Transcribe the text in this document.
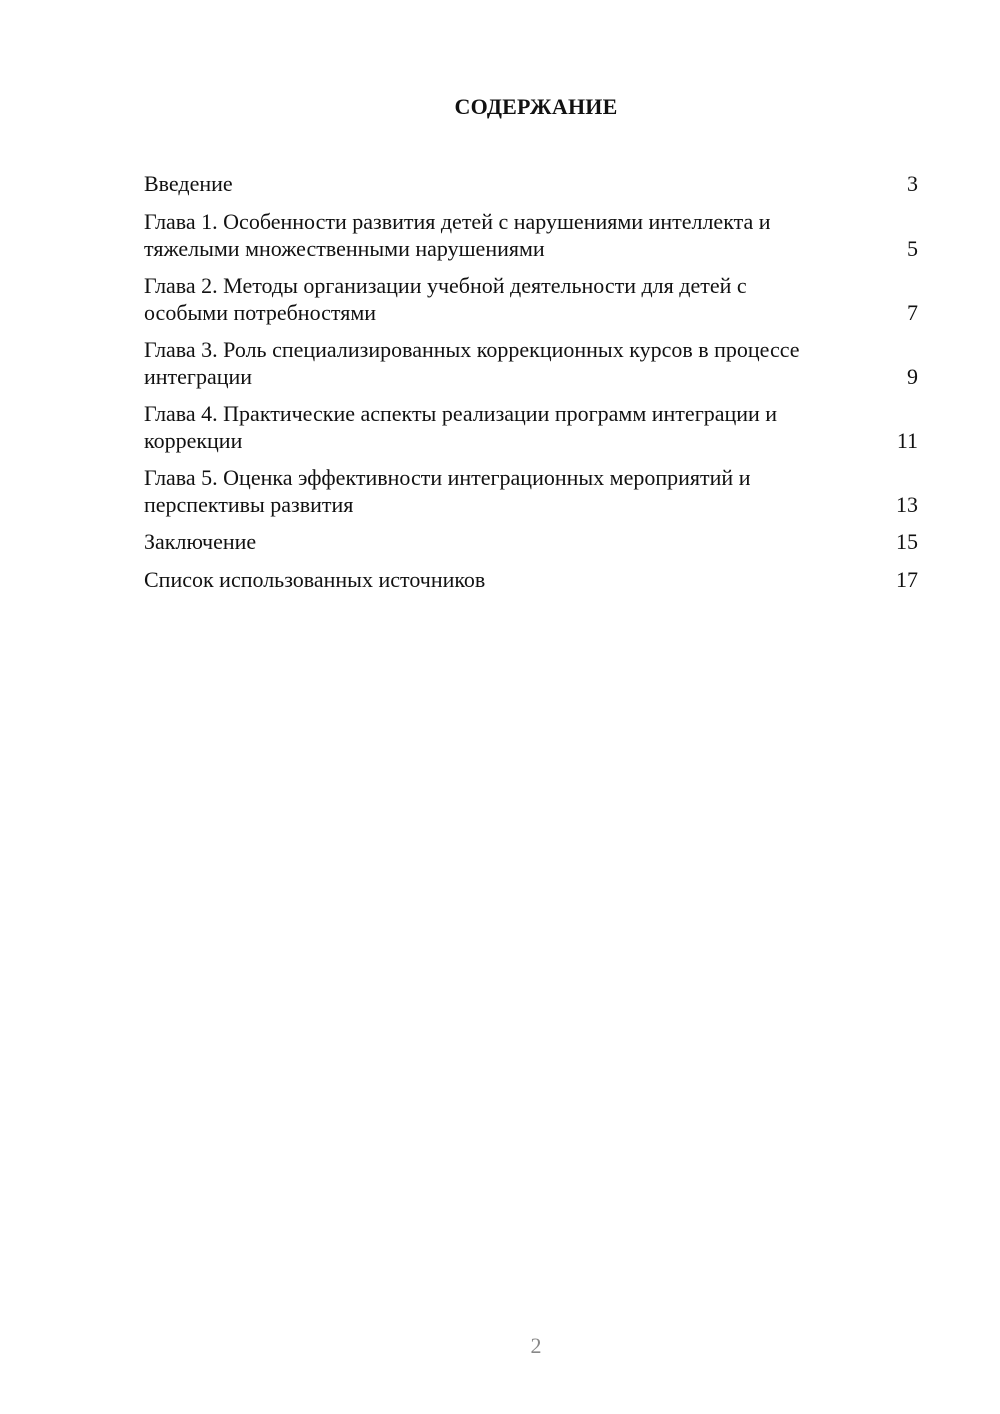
СОДЕРЖАНИЕ
Введение	3
Глава 1. Особенности развития детей с нарушениями интеллекта и тяжелыми множественными нарушениями	5
Глава 2. Методы организации учебной деятельности для детей с особыми потребностями	7
Глава 3. Роль специализированных коррекционных курсов в процессе интеграции	9
Глава 4. Практические аспекты реализации программ интеграции и коррекции	11
Глава 5. Оценка эффективности интеграционных мероприятий и перспективы развития	13
Заключение	15
Список использованных источников	17
2
